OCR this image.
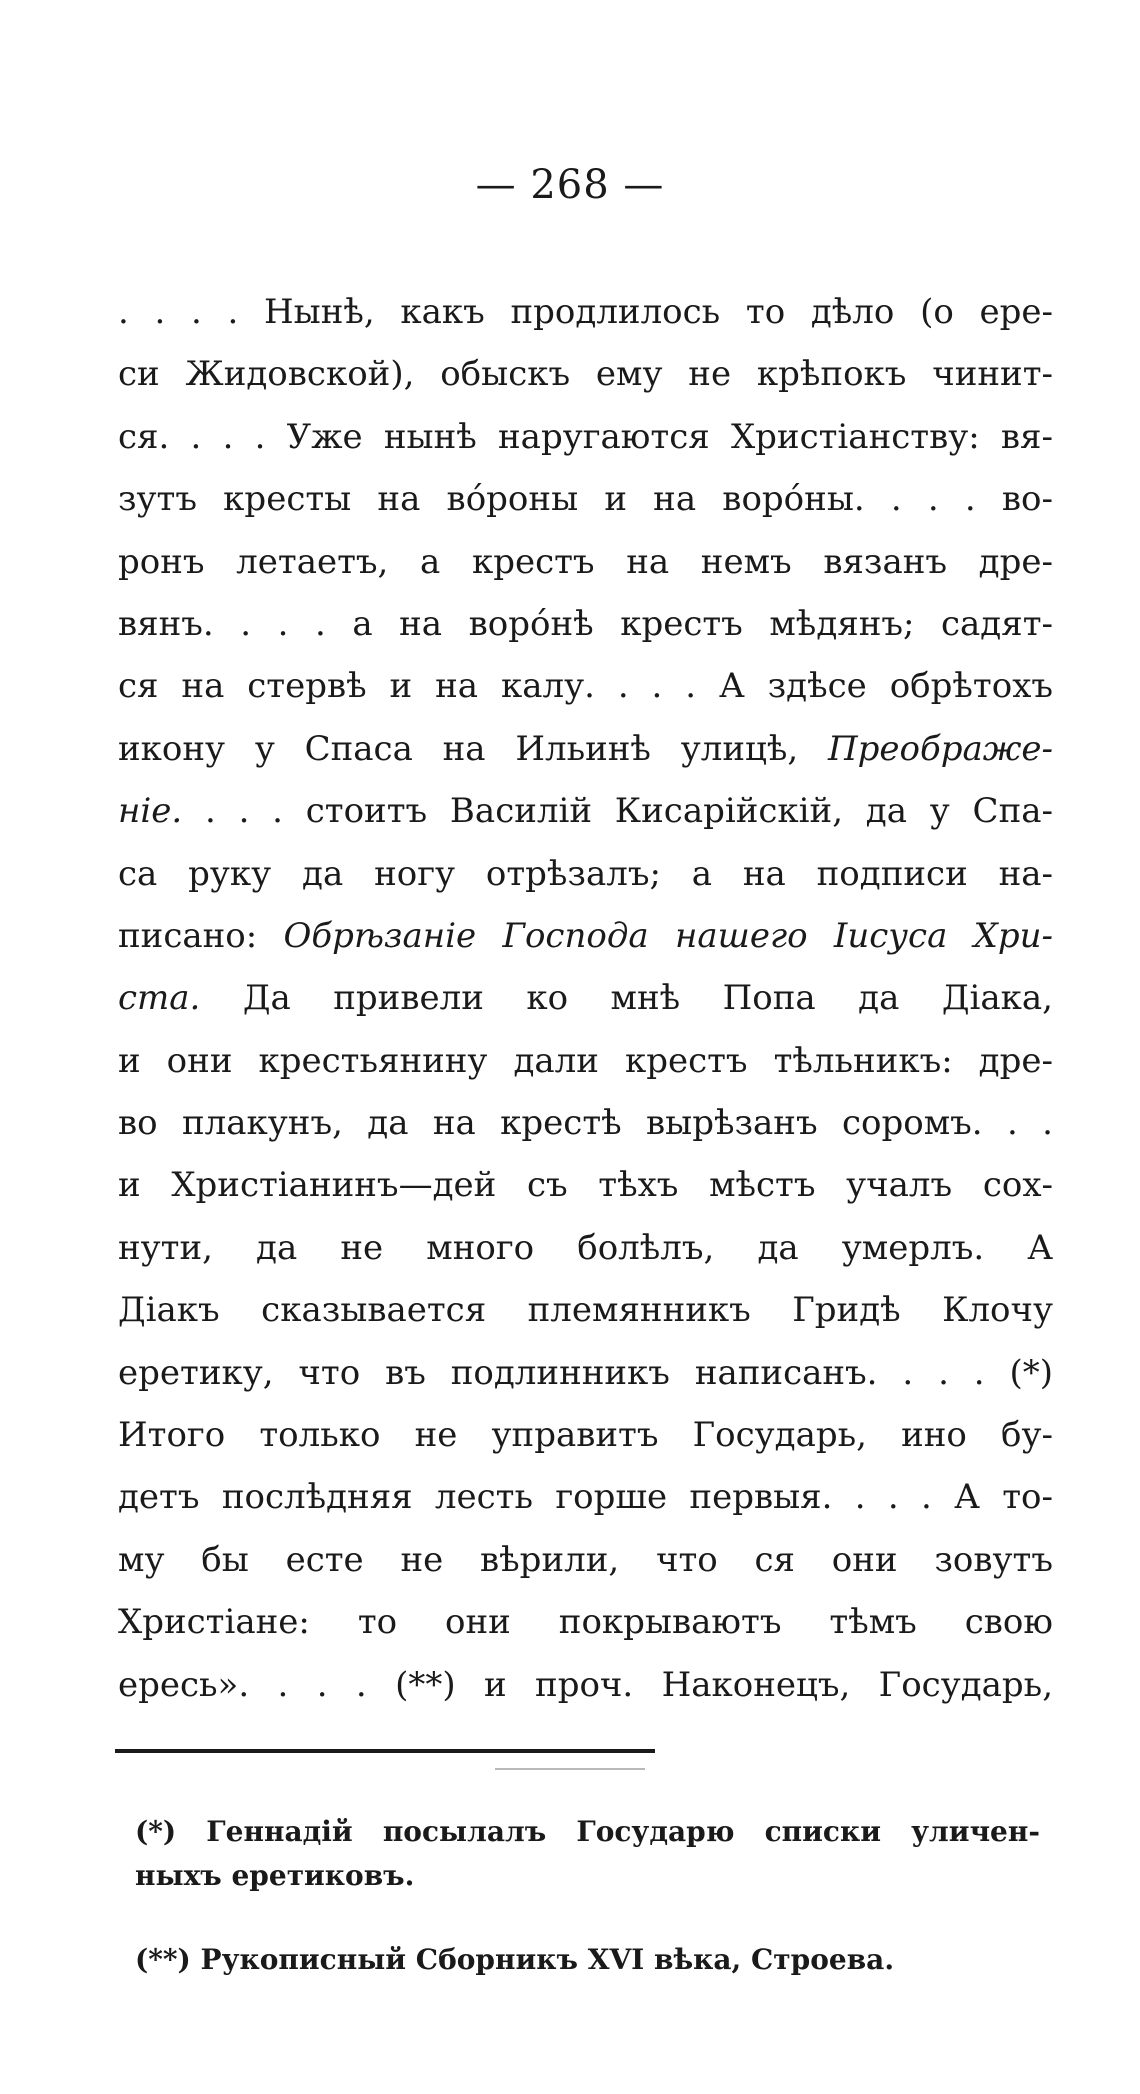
— 268 —
. . . . Нынѣ, какъ продлилось то дѣло (о ере-
си Жидовской), обыскъ ему не крѣпокъ чинит-
ся. . . . Уже нынѣ наругаются Христіанству: вя-
зутъ кресты на вóроны и на ворóны. . . . во-
ронъ летаетъ, а крестъ на немъ вязанъ дре-
вянъ. . . . а на ворóнѣ крестъ мѣдянъ; садят-
ся на стервѣ и на калу. . . . А здѣсе обрѣтохъ
икону у Спаса на Ильинѣ улицѣ, Преображе-
ніе. . . . стоитъ Василій Кисарійскій, да у Спа-
са руку да ногу отрѣзалъ; а на подписи на-
писано: Обрѣзаніе Господа нашего Іисуса Хри-
ста. Да привели ко мнѣ Попа да Діака,
и они крестьянину дали крестъ тѣльникъ: дре-
во плакунъ, да на крестѣ вырѣзанъ соромъ. . .
и Христіанинъ—дей съ тѣхъ мѣстъ учалъ сох-
нути, да не много болѣлъ, да умерлъ. А
Діакъ сказывается племянникъ Гридѣ Клочу
еретику, что въ подлинникъ написанъ. . . . (*)
Итого только не управитъ Государь, ино бу-
детъ послѣдняя лесть горше первыя. . . . А то-
му бы есте не вѣрили, что ся они зовутъ
Христіане: то они покрываютъ тѣмъ свою
ересь». . . . (**) и проч. Наконецъ, Государь,
(*) Геннадій посылалъ Государю списки уличен-
ныхъ еретиковъ.
(**) Рукописный Сборникъ XVI вѣка, Строева.
